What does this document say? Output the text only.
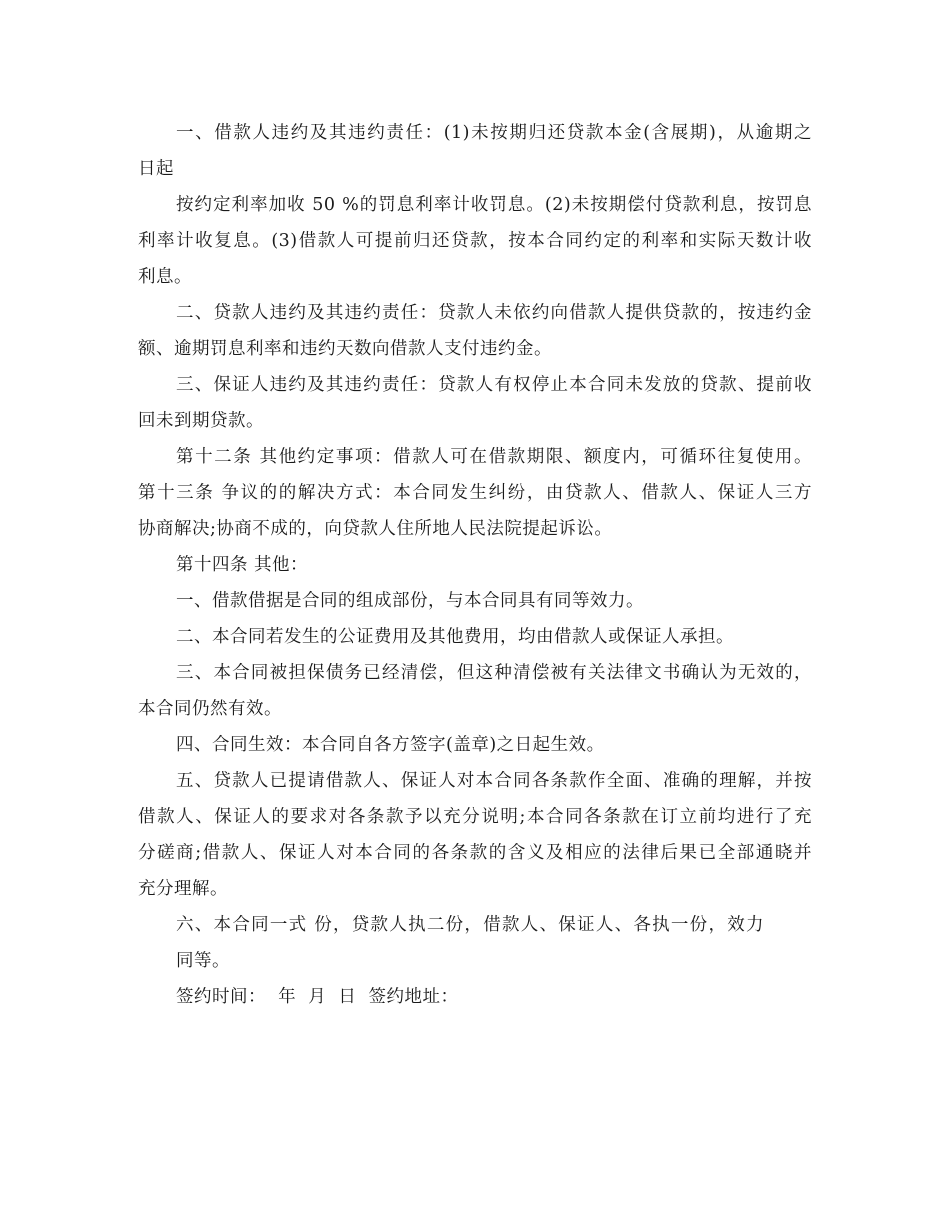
一、借款人违约及其违约责任：(1)未按期归还贷款本金(含展期)，从逾期之
日起
按约定利率加收 50 %的罚息利率计收罚息。(2)未按期偿付贷款利息，按罚息
利率计收复息。(3)借款人可提前归还贷款，按本合同约定的利率和实际天数计收
利息。
二、贷款人违约及其违约责任：贷款人未依约向借款人提供贷款的，按违约金
额、逾期罚息利率和违约天数向借款人支付违约金。
三、保证人违约及其违约责任：贷款人有权停止本合同未发放的贷款、提前收
回未到期贷款。
第十二条 其他约定事项：借款人可在借款期限、额度内，可循环往复使用。
第十三条 争议的的解决方式：本合同发生纠纷，由贷款人、借款人、保证人三方
协商解决;协商不成的，向贷款人住所地人民法院提起诉讼。
第十四条 其他：
一、借款借据是合同的组成部份，与本合同具有同等效力。
二、本合同若发生的公证费用及其他费用，均由借款人或保证人承担。
三、本合同被担保债务已经清偿，但这种清偿被有关法律文书确认为无效的，
本合同仍然有效。
四、合同生效：本合同自各方签字(盖章)之日起生效。
五、贷款人已提请借款人、保证人对本合同各条款作全面、准确的理解，并按
借款人、保证人的要求对各条款予以充分说明;本合同各条款在订立前均进行了充
分磋商;借款人、保证人对本合同的各条款的含义及相应的法律后果已全部通晓并
充分理解。
六、本合同一式 份，贷款人执二份，借款人、保证人、各执一份，效力
同等。
签约时间：  年  月  日  签约地址：
